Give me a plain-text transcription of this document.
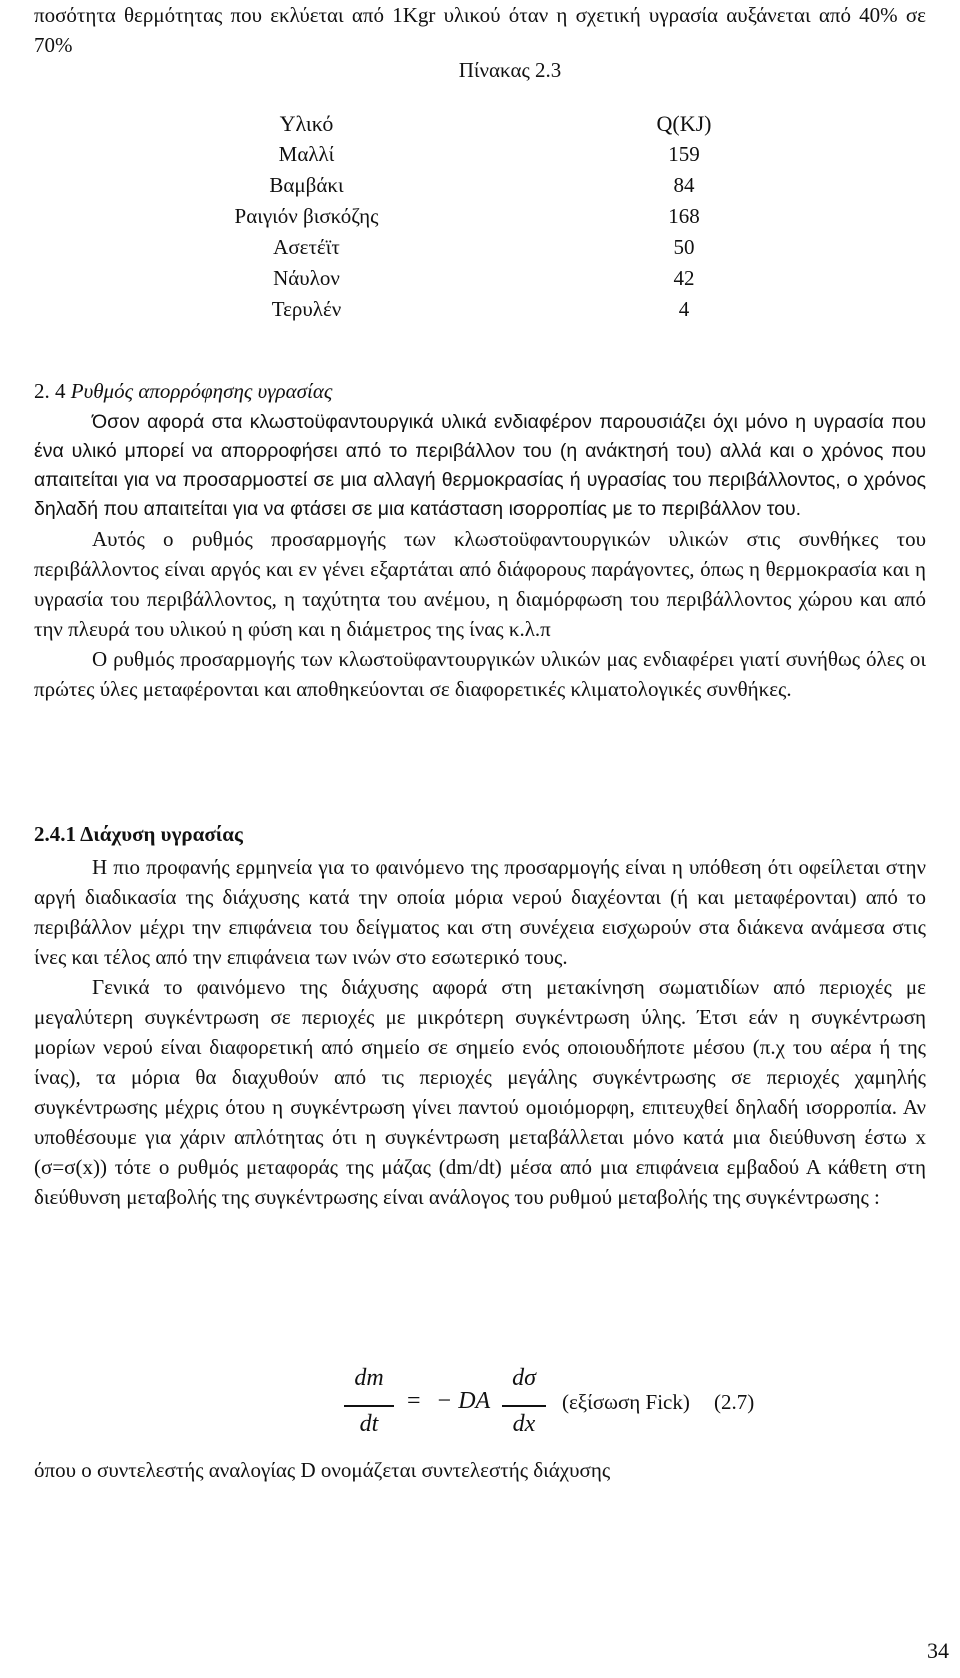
ποσότητα θερμότητας που εκλύεται από 1Kgr υλικού όταν η σχετική υγρασία αυξάνεται από 40% σε 70%

Πίνακας 2.3
Υλικό	Q(KJ)
Μαλλί	159
Βαμβάκι	84
Ραιγιόν βισκόζης	168
Ασετέϊτ	50
Νάυλον	42
Τερυλέν	4
2. 4 Ρυθμός απορρόφησης υγρασίας

Όσον αφορά στα κλωστοϋφαντουργικά υλικά ενδιαφέρον παρουσιάζει όχι μόνο η υγρασία που ένα υλικό μπορεί να απορροφήσει από το περιβάλλον του (η ανάκτησή του) αλλά και ο χρόνος που απαιτείται για να προσαρμοστεί σε μια αλλαγή θερμοκρασίας ή υγρασίας του περιβάλλοντος, ο χρόνος δηλαδή που απαιτείται για να φτάσει σε μια κατάσταση ισορροπίας με το περιβάλλον του.

Αυτός ο ρυθμός προσαρμογής των κλωστοϋφαντουργικών υλικών στις συνθήκες του περιβάλλοντος είναι αργός και εν γένει εξαρτάται από διάφορους παράγοντες, όπως η θερμοκρασία και η υγρασία του περιβάλλοντος, η ταχύτητα του ανέμου, η διαμόρφωση του περιβάλλοντος χώρου και από την πλευρά του υλικού η φύση και η διάμετρος της ίνας κ.λ.π

Ο ρυθμός προσαρμογής των κλωστοϋφαντουργικών υλικών μας ενδιαφέρει γιατί συνήθως όλες οι πρώτες ύλες μεταφέρονται και αποθηκεύονται σε διαφορετικές κλιματολογικές συνθήκες.

2.4.1 Διάχυση υγρασίας

Η πιο προφανής ερμηνεία για το φαινόμενο της προσαρμογής είναι η υπόθεση ότι οφείλεται στην αργή διαδικασία της διάχυσης κατά την οποία μόρια νερού διαχέονται (ή και μεταφέρονται) από το περιβάλλον μέχρι την επιφάνεια του δείγματος και στη συνέχεια εισχωρούν στα διάκενα ανάμεσα στις ίνες και τέλος από την επιφάνεια των ινών στο εσωτερικό τους.

Γενικά το φαινόμενο της διάχυσης αφορά στη μετακίνηση σωματιδίων από περιοχές με μεγαλύτερη συγκέντρωση σε περιοχές με μικρότερη συγκέντρωση ύλης. Έτσι εάν η συγκέντρωση μορίων νερού είναι διαφορετική από σημείο σε σημείο ενός οποιουδήποτε μέσου (π.χ του αέρα ή της ίνας), τα μόρια θα διαχυθούν από τις περιοχές μεγάλης συγκέντρωσης σε περιοχές χαμηλής συγκέντρωσης μέχρις ότου η συγκέντρωση γίνει παντού ομοιόμορφη, επιτευχθεί δηλαδή ισορροπία. Αν υποθέσουμε για χάριν απλότητας ότι η συγκέντρωση μεταβάλλεται μόνο κατά μια διεύθυνση έστω x (σ=σ(x)) τότε ο ρυθμός μεταφοράς της μάζας (dm/dt) μέσα από μια επιφάνεια εμβαδού Α κάθετη στη διεύθυνση μεταβολής της συγκέντρωσης είναι ανάλογος του ρυθμού μεταβολής της συγκέντρωσης :

dm
dt
= − DA
dσ
dx
(εξίσωση Fick) (2.7)

όπου ο συντελεστής αναλογίας D ονομάζεται συντελεστής διάχυσης

34
